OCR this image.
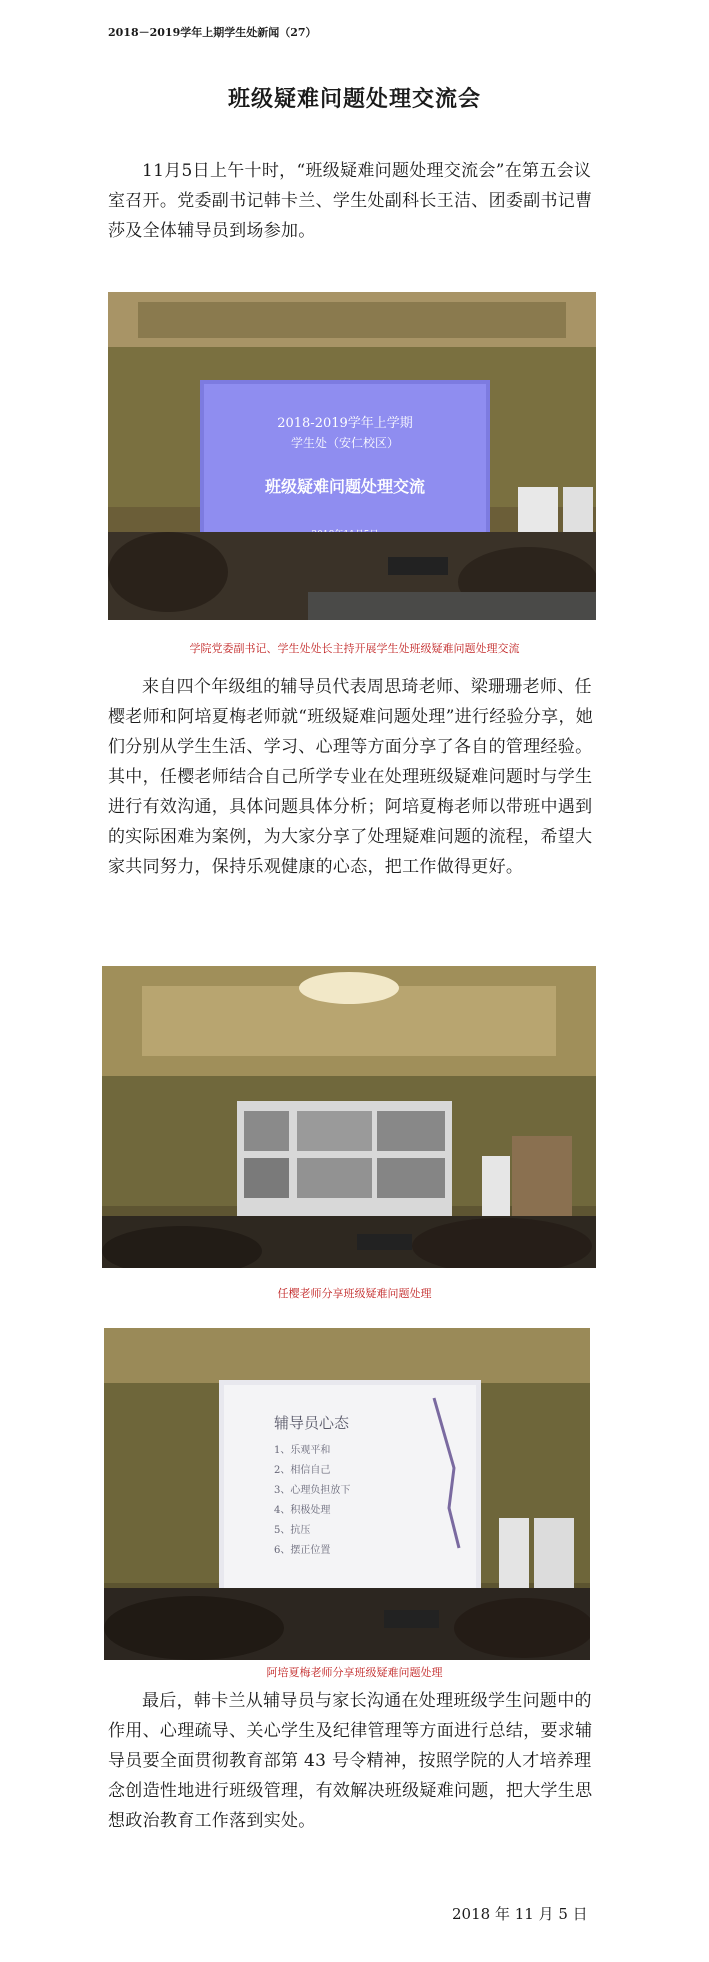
2018－2019学年上期学生处新闻（27）
班级疑难问题处理交流会
11月5日上午十时，“班级疑难问题处理交流会”在第五会议室召开。党委副书记韩卡兰、学生处副科长王洁、团委副书记曹莎及全体辅导员到场参加。
2018-2019学年上学期
学生处（安仁校区）
班级疑难问题处理交流
学院党委副书记、学生处处长主持开展学生处班级疑难问题处理交流
来自四个年级组的辅导员代表周思琦老师、梁珊珊老师、任樱老师和阿培夏梅老师就“班级疑难问题处理”进行经验分享，她们分别从学生生活、学习、心理等方面分享了各自的管理经验。其中，任樱老师结合自己所学专业在处理班级疑难问题时与学生进行有效沟通，具体问题具体分析；阿培夏梅老师以带班中遇到的实际困难为案例，为大家分享了处理疑难问题的流程，希望大家共同努力，保持乐观健康的心态，把工作做得更好。
任樱老师分享班级疑难问题处理
辅导员心态
1、乐观平和
2、相信自己
3、心理负担放下
4、积极处理
5、抗压
6、摆正位置
阿培夏梅老师分享班级疑难问题处理
最后，韩卡兰从辅导员与家长沟通在处理班级学生问题中的作用、心理疏导、关心学生及纪律管理等方面进行总结，要求辅导员要全面贯彻教育部第 43 号令精神，按照学院的人才培养理念创造性地进行班级管理，有效解决班级疑难问题，把大学生思想政治教育工作落到实处。
2018 年 11 月 5 日
